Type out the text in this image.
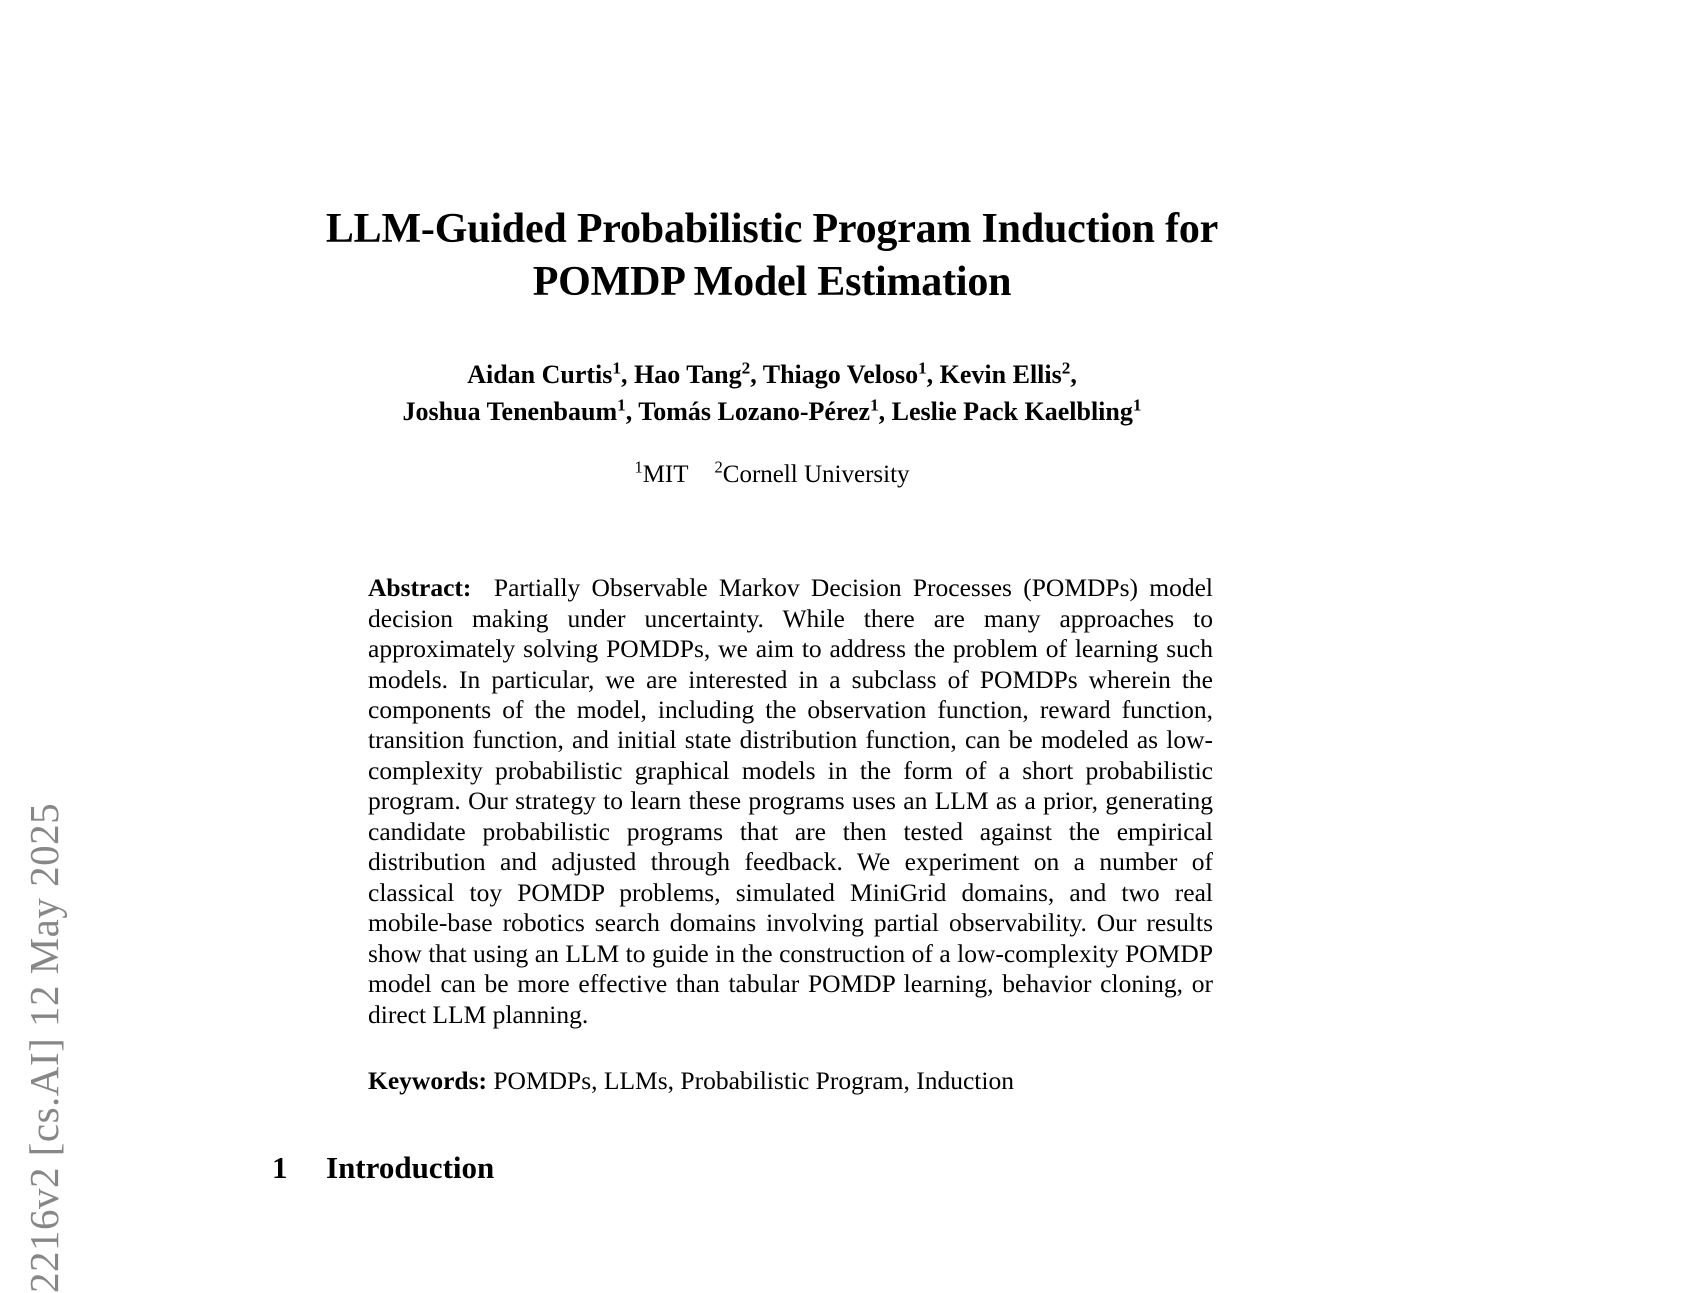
2216v2 [cs.AI] 12 May 2025
LLM-Guided Probabilistic Program Induction for
POMDP Model Estimation
Aidan Curtis$^1$, Hao Tang$^2$, Thiago Veloso$^1$, Kevin Ellis$^2$,
Joshua Tenenbaum$^1$, Tomás Lozano-Pérez$^1$, Leslie Pack Kaelbling$^1$
$^1$MIT $^2$Cornell University

Abstract: Partially Observable Markov Decision Processes (POMDPs) model decision making under uncertainty. While there are many approaches to approximately solving POMDPs, we aim to address the problem of learning such models. In particular, we are interested in a subclass of POMDPs wherein the components of the model, including the observation function, reward function, transition function, and initial state distribution function, can be modeled as low-complexity probabilistic graphical models in the form of a short probabilistic program. Our strategy to learn these programs uses an LLM as a prior, generating candidate probabilistic programs that are then tested against the empirical distribution and adjusted through feedback. We experiment on a number of classical toy POMDP problems, simulated MiniGrid domains, and two real mobile-base robotics search domains involving partial observability. Our results show that using an LLM to guide in the construction of a low-complexity POMDP model can be more effective than tabular POMDP learning, behavior cloning, or direct LLM planning.

Keywords: POMDPs, LLMs, Probabilistic Program, Induction

1 Introduction
